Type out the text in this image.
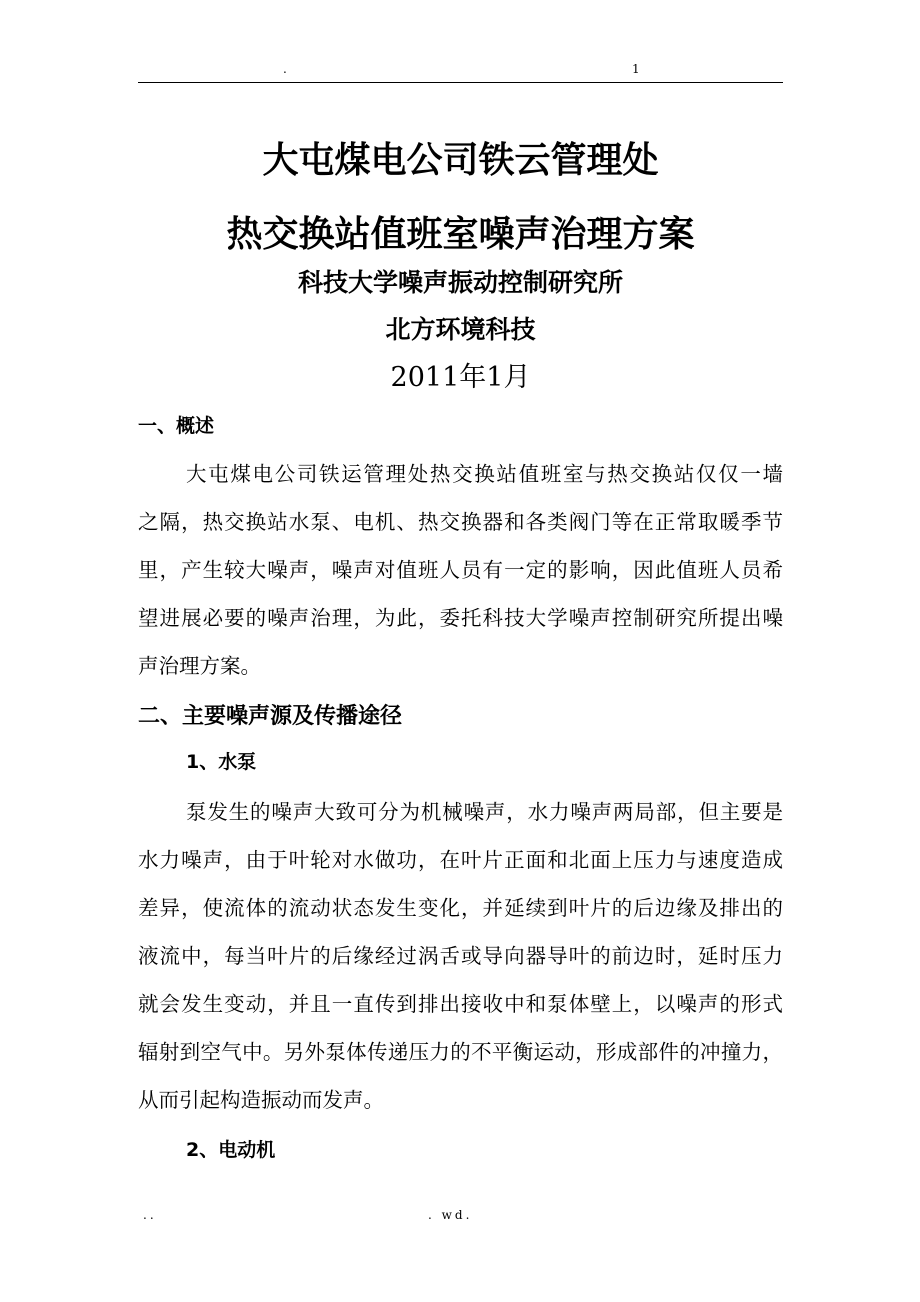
.	1
大屯煤电公司铁云管理处
热交换站值班室噪声治理方案
科技大学噪声振动控制研究所
北方环境科技
2011年1月
一、概述
大屯煤电公司铁运管理处热交换站值班室与热交换站仅仅一墙
之隔，热交换站水泵、电机、热交换器和各类阀门等在正常取暖季节
里，产生较大噪声，噪声对值班人员有一定的影响，因此值班人员希
望进展必要的噪声治理，为此，委托科技大学噪声控制研究所提出噪
声治理方案。
二、主要噪声源及传播途径
1、水泵
泵发生的噪声大致可分为机械噪声，水力噪声两局部，但主要是
水力噪声，由于叶轮对水做功，在叶片正面和北面上压力与速度造成
差异，使流体的流动状态发生变化，并延续到叶片的后边缘及排出的
液流中，每当叶片的后缘经过涡舌或导向器导叶的前边时，延时压力
就会发生变动，并且一直传到排出接收中和泵体壁上，以噪声的形式
辐射到空气中。另外泵体传递压力的不平衡运动，形成部件的冲撞力，
从而引起构造振动而发声。
2、电动机
..	. wd.
